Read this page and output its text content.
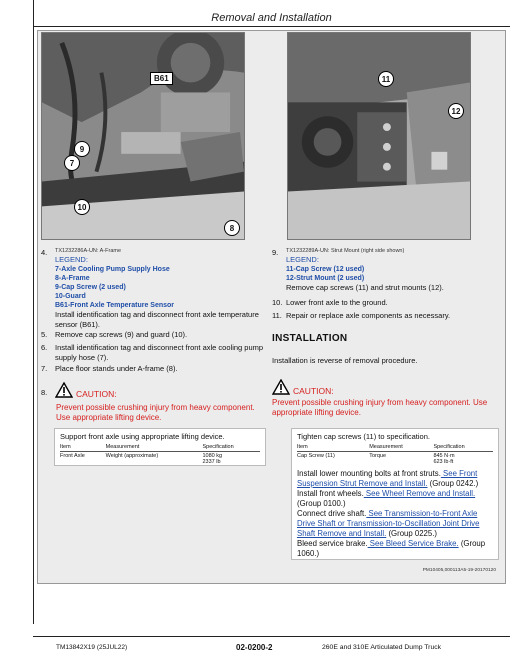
Removal and Installation
B61
9
7
10
8
11
12
4.	TX1232286A-UN: A-Frame
LEGEND:
7-Axle Cooling Pump Supply Hose
8-A-Frame
9-Cap Screw (2 used)
10-Guard
B61-Front Axle Temperature Sensor
Install identification tag and disconnect front axle temperature sensor (B61).
5.	Remove cap screws (9) and guard (10).
6.	Install identification tag and disconnect front axle cooling pump supply hose (7).
7.	Place floor stands under A-frame (8).
8.	CAUTION:
Prevent possible crushing injury from heavy component. Use appropriate lifting device.
Support front axle using appropriate lifting device.
Item	Measurement	Specification
Front Axle	Weight (approximate)	1080 kg
2337 lb
9.	TX1232289A-UN: Strut Mount (right side shown)
LEGEND:
11-Cap Screw (12 used)
12-Strut Mount (2 used)
Remove cap screws (11) and strut mounts (12).
10. Lower front axle to the ground.
11. Repair or replace axle components as necessary.
INSTALLATION
Installation is reverse of removal procedure.
CAUTION:
Prevent possible crushing injury from heavy component. Use appropriate lifting device.
Tighten cap screws (11) to specification.
Item	Measurement	Specification
Cap Screw (11)	Torque	845 N·m
623 lb·ft
Install lower mounting bolts at front struts. See Front Suspension Strut Remove and Install. (Group 0242.)
Install front wheels. See Wheel Remove and Install. (Group 0100.)
Connect drive shaft. See Transmission-to-Front Axle Drive Shaft or Transmission-to-Oscillation Joint Drive Shaft Remove and Install. (Group 0225.)
Bleed service brake. See Bleed Service Brake. (Group 1060.)
PM10405,000113A5-19-20170120
TM13842X19 (25JUL22)	02-0200-2	260E and 310E Articulated Dump Truck
